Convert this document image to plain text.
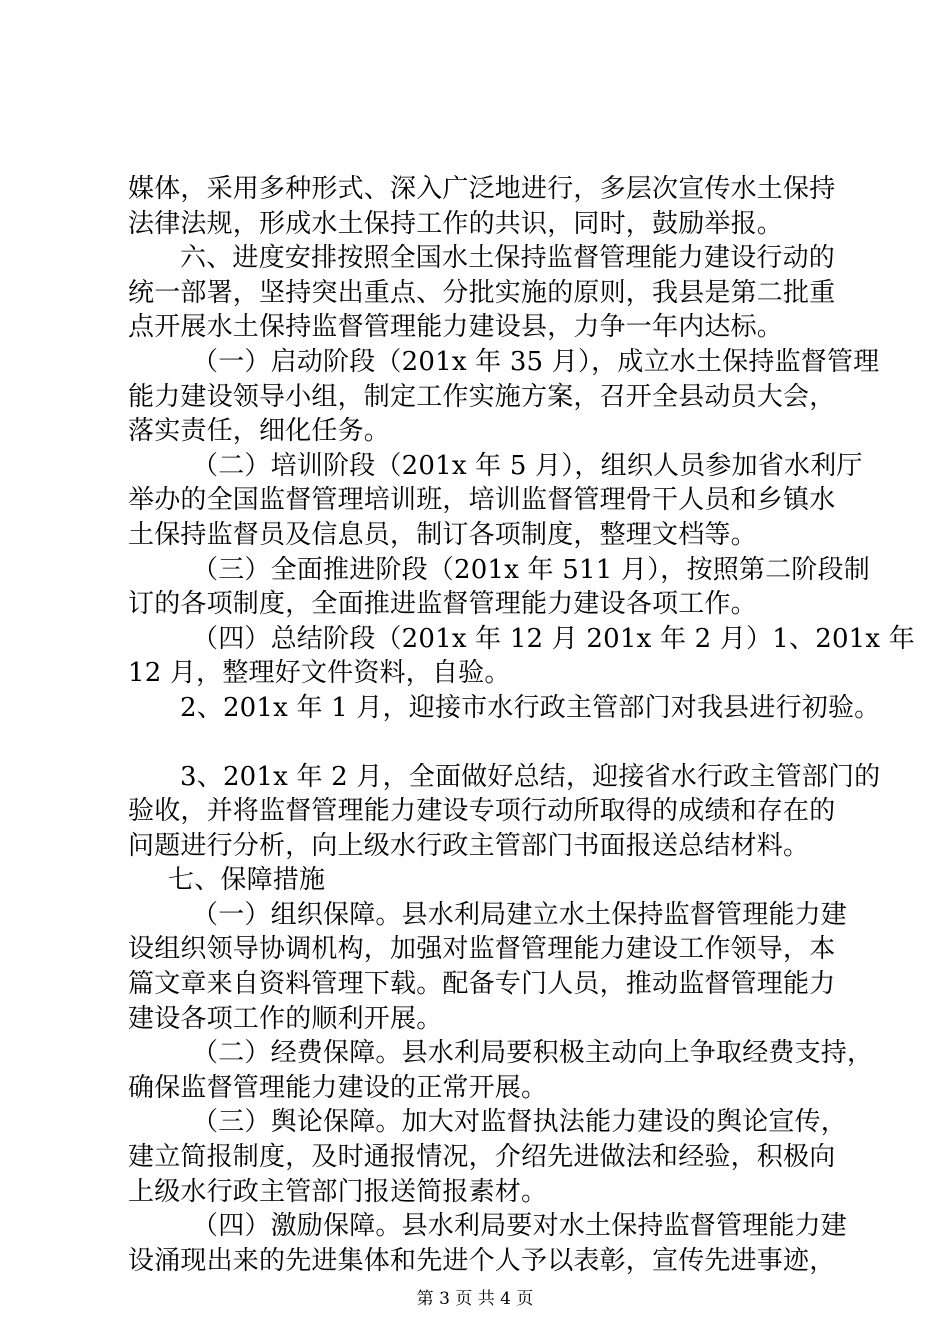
媒体，采用多种形式、深入广泛地进行，多层次宣传水土保持
法律法规，形成水土保持工作的共识，同时，鼓励举报。
六、进度安排按照全国水土保持监督管理能力建设行动的
统一部署，坚持突出重点、分批实施的原则，我县是第二批重
点开展水土保持监督管理能力建设县，力争一年内达标。
（一）启动阶段（201x 年 35 月），成立水土保持监督管理
能力建设领导小组，制定工作实施方案，召开全县动员大会，
落实责任，细化任务。
（二）培训阶段（201x 年 5 月），组织人员参加省水利厅
举办的全国监督管理培训班，培训监督管理骨干人员和乡镇水
土保持监督员及信息员，制订各项制度，整理文档等。
（三）全面推进阶段（201x 年 511 月），按照第二阶段制
订的各项制度，全面推进监督管理能力建设各项工作。
（四）总结阶段（201x 年 12 月 201x 年 2 月）1、201x 年
12 月，整理好文件资料，自验。
2、201x 年 1 月，迎接市水行政主管部门对我县进行初验。
3、201x 年 2 月，全面做好总结，迎接省水行政主管部门的
验收，并将监督管理能力建设专项行动所取得的成绩和存在的
问题进行分析，向上级水行政主管部门书面报送总结材料。
七、保障措施
（一）组织保障。县水利局建立水土保持监督管理能力建
设组织领导协调机构，加强对监督管理能力建设工作领导，本
篇文章来自资料管理下载。配备专门人员，推动监督管理能力
建设各项工作的顺利开展。
（二）经费保障。县水利局要积极主动向上争取经费支持，
确保监督管理能力建设的正常开展。
（三）舆论保障。加大对监督执法能力建设的舆论宣传，
建立简报制度，及时通报情况，介绍先进做法和经验，积极向
上级水行政主管部门报送简报素材。
（四）激励保障。县水利局要对水土保持监督管理能力建
设涌现出来的先进集体和先进个人予以表彰，宣传先进事迹，
第 3 页 共 4 页
